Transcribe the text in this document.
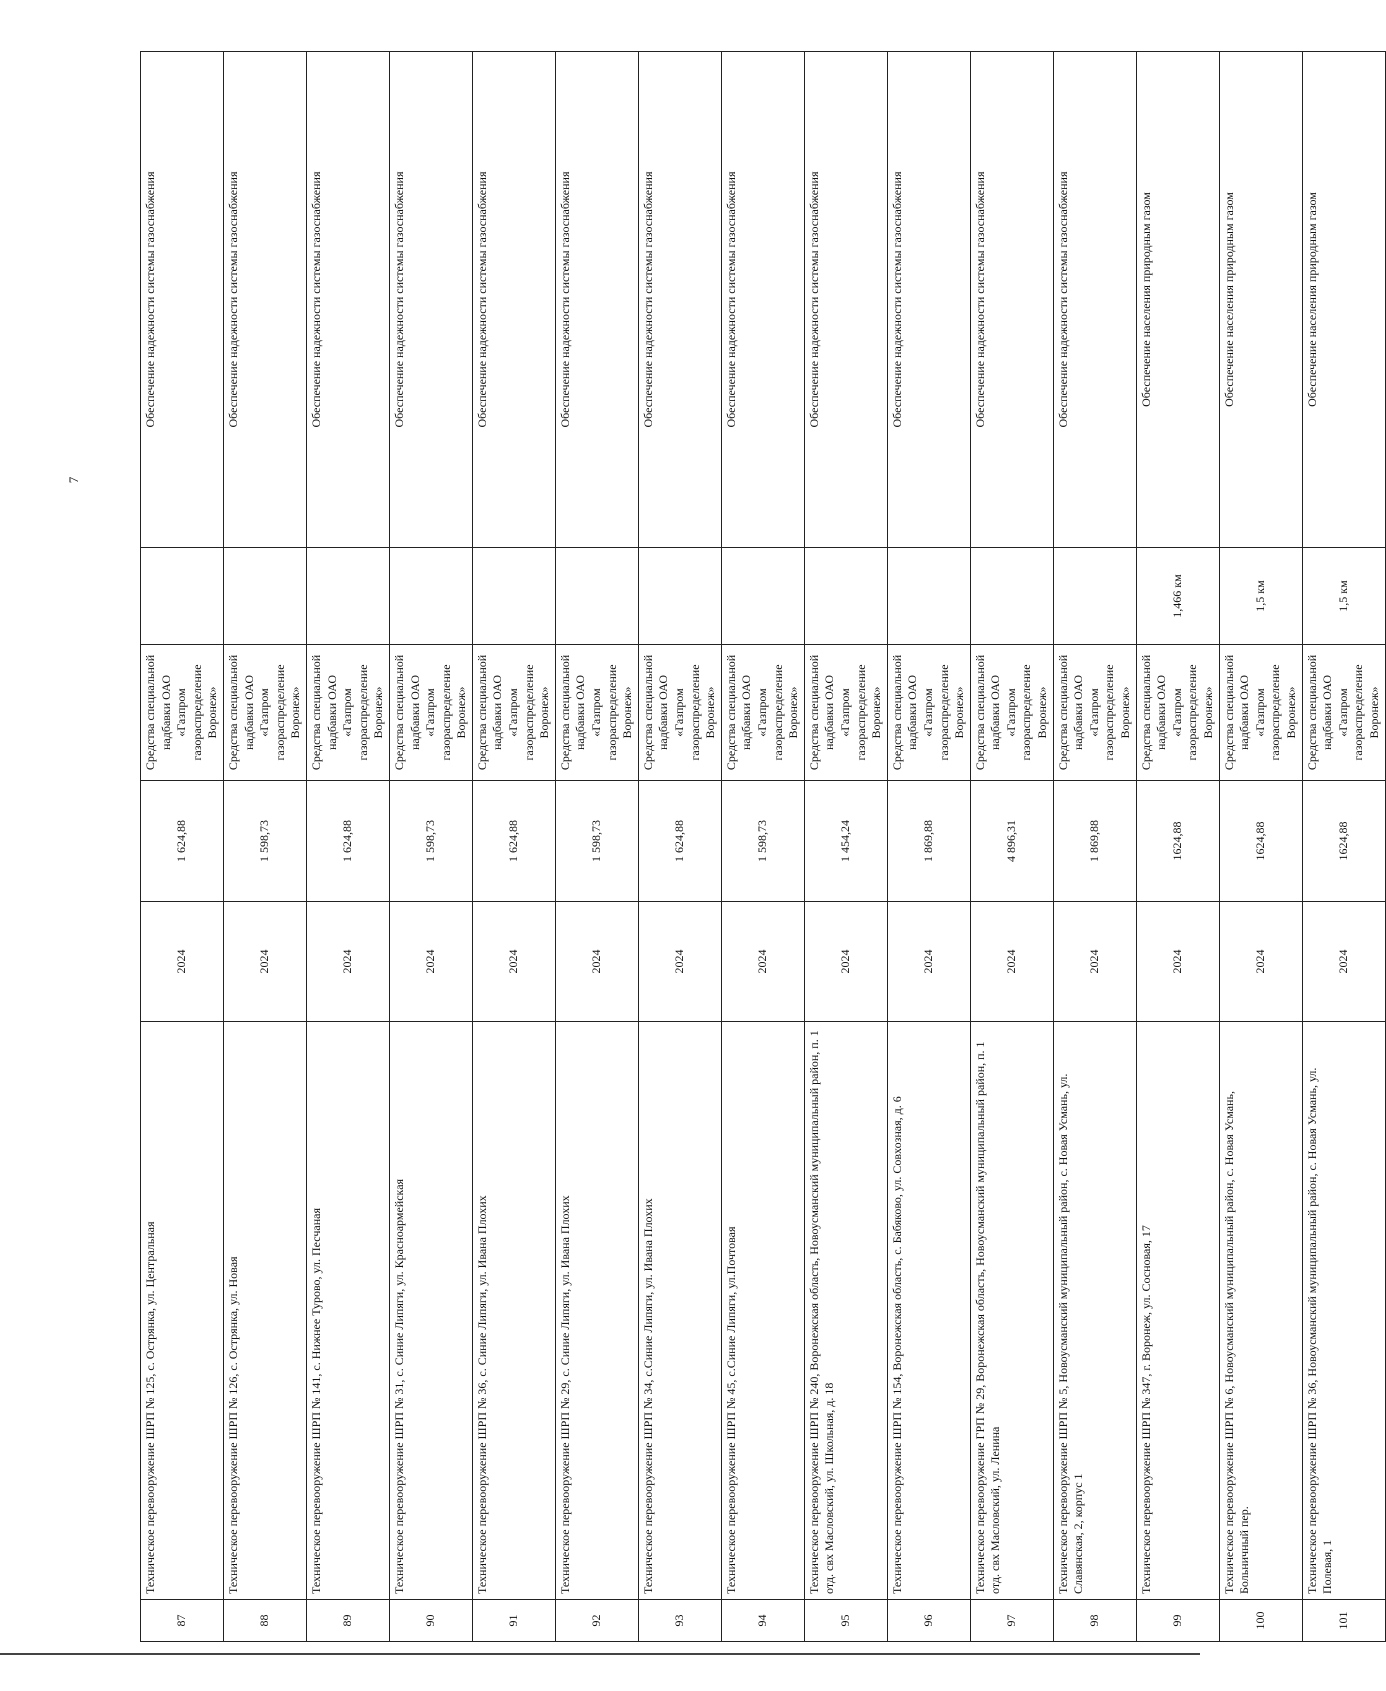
7
87	Техническое перевооружение ШРП № 125, с. Острянка, ул. Центральная	2024	1 624,88	Средства специальной надбавки ОАО «Газпром газораспределение Воронеж»		Обеспечение надежности системы газоснабжения
88	Техническое перевооружение ШРП № 126, с. Острянка, ул. Новая	2024	1 598,73	Средства специальной надбавки ОАО «Газпром газораспределение Воронеж»		Обеспечение надежности системы газоснабжения
89	Техническое перевооружение ШРП № 141, с. Нижнее Турово, ул. Песчаная	2024	1 624,88	Средства специальной надбавки ОАО «Газпром газораспределение Воронеж»		Обеспечение надежности системы газоснабжения
90	Техническое перевооружение ШРП № 31, с. Синие Липяги, ул. Красноармейская	2024	1 598,73	Средства специальной надбавки ОАО «Газпром газораспределение Воронеж»		Обеспечение надежности системы газоснабжения
91	Техническое перевооружение ШРП № 36, с. Синие Липяги, ул. Ивана Плохих	2024	1 624,88	Средства специальной надбавки ОАО «Газпром газораспределение Воронеж»		Обеспечение надежности системы газоснабжения
92	Техническое перевооружение ШРП № 29, с. Синие Липяги, ул. Ивана Плохих	2024	1 598,73	Средства специальной надбавки ОАО «Газпром газораспределение Воронеж»		Обеспечение надежности системы газоснабжения
93	Техническое перевооружение ШРП № 34, с.Синие Липяги, ул. Ивана Плохих	2024	1 624,88	Средства специальной надбавки ОАО «Газпром газораспределение Воронеж»		Обеспечение надежности системы газоснабжения
94	Техническое перевооружение ШРП № 45, с.Синие Липяги, ул.Почтовая	2024	1 598,73	Средства специальной надбавки ОАО «Газпром газораспределение Воронеж»		Обеспечение надежности системы газоснабжения
95	Техническое перевооружение ШРП № 240, Воронежская область, Новоусманский муниципальный район, п. 1 отд. свх Масловский, ул. Школьная, д. 18	2024	1 454,24	Средства специальной надбавки ОАО «Газпром газораспределение Воронеж»		Обеспечение надежности системы газоснабжения
96	Техническое перевооружение ШРП № 154, Воронежская область, с. Бабяково, ул. Совхозная, д. 6	2024	1 869,88	Средства специальной надбавки ОАО «Газпром газораспределение Воронеж»		Обеспечение надежности системы газоснабжения
97	Техническое перевооружение ГРП № 29, Воронежская область, Новоусманский муниципальный район, п. 1 отд. свх Масловский, ул. Ленина	2024	4 896,31	Средства специальной надбавки ОАО «Газпром газораспределение Воронеж»		Обеспечение надежности системы газоснабжения
98	Техническое перевооружение ШРП № 5, Новоусманский муниципальный район, с. Новая Усмань, ул. Славянская, 2, корпус 1	2024	1 869,88	Средства специальной надбавки ОАО «Газпром газораспределение Воронеж»		Обеспечение надежности системы газоснабжения
99	Техническое перевооружение ШРП № 347, г. Воронеж, ул. Сосновая, 17	2024	1624,88	Средства специальной надбавки ОАО «Газпром газораспределение Воронеж»	1,466 км	Обеспечение населения природным газом
100	Техническое перевооружение ШРП № 6, Новоусманский муниципальный район, с. Новая Усмань, Больничный пер.	2024	1624,88	Средства специальной надбавки ОАО «Газпром газораспределение Воронеж»	1,5 км	Обеспечение населения природным газом
101	Техническое перевооружение ШРП № 36, Новоусманский муниципальный район, с. Новая Усмань, ул. Полевая, 1	2024	1624,88	Средства специальной надбавки ОАО «Газпром газораспределение Воронеж»	1,5 км	Обеспечение населения природным газом
